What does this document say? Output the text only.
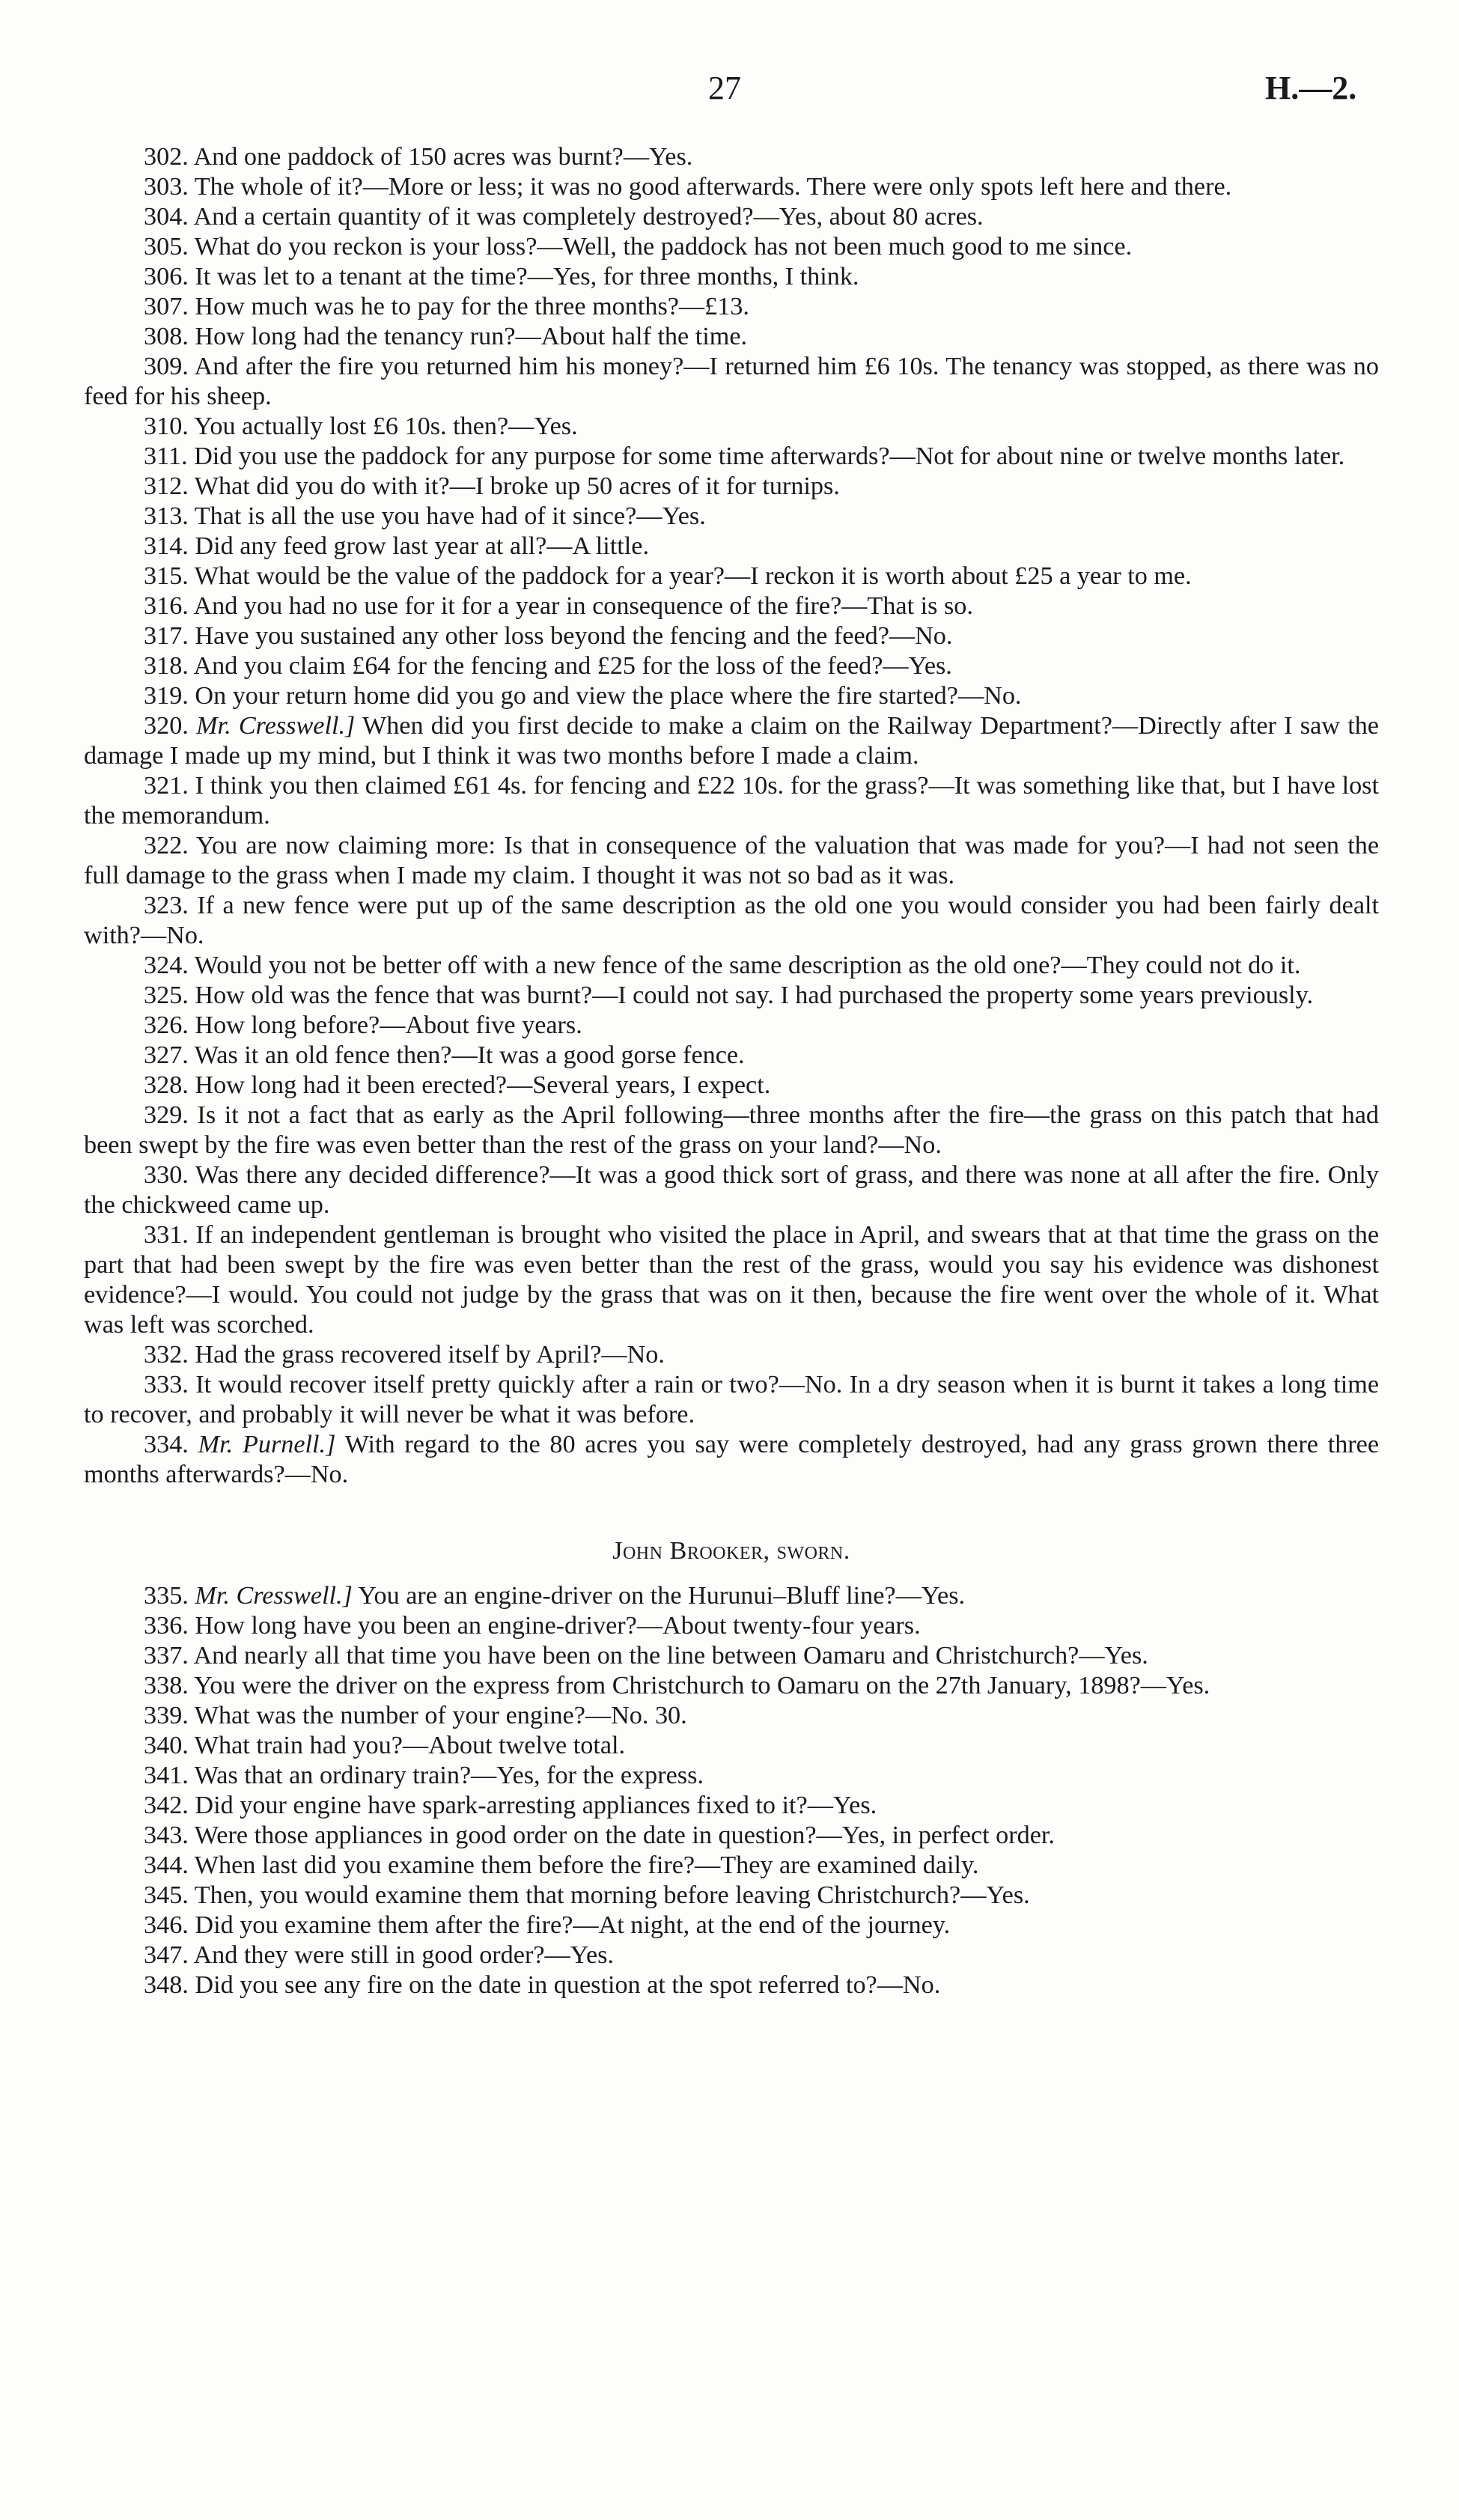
27	H.—2.

302. And one paddock of 150 acres was burnt?—Yes.

303. The whole of it?—More or less; it was no good afterwards. There were only spots left here and there.

304. And a certain quantity of it was completely destroyed?—Yes, about 80 acres.

305. What do you reckon is your loss?—Well, the paddock has not been much good to me since.

306. It was let to a tenant at the time?—Yes, for three months, I think.

307. How much was he to pay for the three months?—£13.

308. How long had the tenancy run?—About half the time.

309. And after the fire you returned him his money?—I returned him £6 10s. The tenancy was stopped, as there was no feed for his sheep.

310. You actually lost £6 10s. then?—Yes.

311. Did you use the paddock for any purpose for some time afterwards?—Not for about nine or twelve months later.

312. What did you do with it?—I broke up 50 acres of it for turnips.

313. That is all the use you have had of it since?—Yes.

314. Did any feed grow last year at all?—A little.

315. What would be the value of the paddock for a year?—I reckon it is worth about £25 a year to me.

316. And you had no use for it for a year in consequence of the fire?—That is so.

317. Have you sustained any other loss beyond the fencing and the feed?—No.

318. And you claim £64 for the fencing and £25 for the loss of the feed?—Yes.

319. On your return home did you go and view the place where the fire started?—No.

320. Mr. Cresswell.] When did you first decide to make a claim on the Railway Department?—Directly after I saw the damage I made up my mind, but I think it was two months before I made a claim.

321. I think you then claimed £61 4s. for fencing and £22 10s. for the grass?—It was something like that, but I have lost the memorandum.

322. You are now claiming more: Is that in consequence of the valuation that was made for you?—I had not seen the full damage to the grass when I made my claim. I thought it was not so bad as it was.

323. If a new fence were put up of the same description as the old one you would consider you had been fairly dealt with?—No.

324. Would you not be better off with a new fence of the same description as the old one?—They could not do it.

325. How old was the fence that was burnt?—I could not say. I had purchased the property some years previously.

326. How long before?—About five years.

327. Was it an old fence then?—It was a good gorse fence.

328. How long had it been erected?—Several years, I expect.

329. Is it not a fact that as early as the April following—three months after the fire—the grass on this patch that had been swept by the fire was even better than the rest of the grass on your land?—No.

330. Was there any decided difference?—It was a good thick sort of grass, and there was none at all after the fire. Only the chickweed came up.

331. If an independent gentleman is brought who visited the place in April, and swears that at that time the grass on the part that had been swept by the fire was even better than the rest of the grass, would you say his evidence was dishonest evidence?—I would. You could not judge by the grass that was on it then, because the fire went over the whole of it. What was left was scorched.

332. Had the grass recovered itself by April?—No.

333. It would recover itself pretty quickly after a rain or two?—No. In a dry season when it is burnt it takes a long time to recover, and probably it will never be what it was before.

334. Mr. Purnell.] With regard to the 80 acres you say were completely destroyed, had any grass grown there three months afterwards?—No.

John Brooker, sworn.

335. Mr. Cresswell.] You are an engine-driver on the Hurunui–Bluff line?—Yes.

336. How long have you been an engine-driver?—About twenty-four years.

337. And nearly all that time you have been on the line between Oamaru and Christchurch?—Yes.

338. You were the driver on the express from Christchurch to Oamaru on the 27th January, 1898?—Yes.

339. What was the number of your engine?—No. 30.

340. What train had you?—About twelve total.

341. Was that an ordinary train?—Yes, for the express.

342. Did your engine have spark-arresting appliances fixed to it?—Yes.

343. Were those appliances in good order on the date in question?—Yes, in perfect order.

344. When last did you examine them before the fire?—They are examined daily.

345. Then, you would examine them that morning before leaving Christchurch?—Yes.

346. Did you examine them after the fire?—At night, at the end of the journey.

347. And they were still in good order?—Yes.

348. Did you see any fire on the date in question at the spot referred to?—No.
